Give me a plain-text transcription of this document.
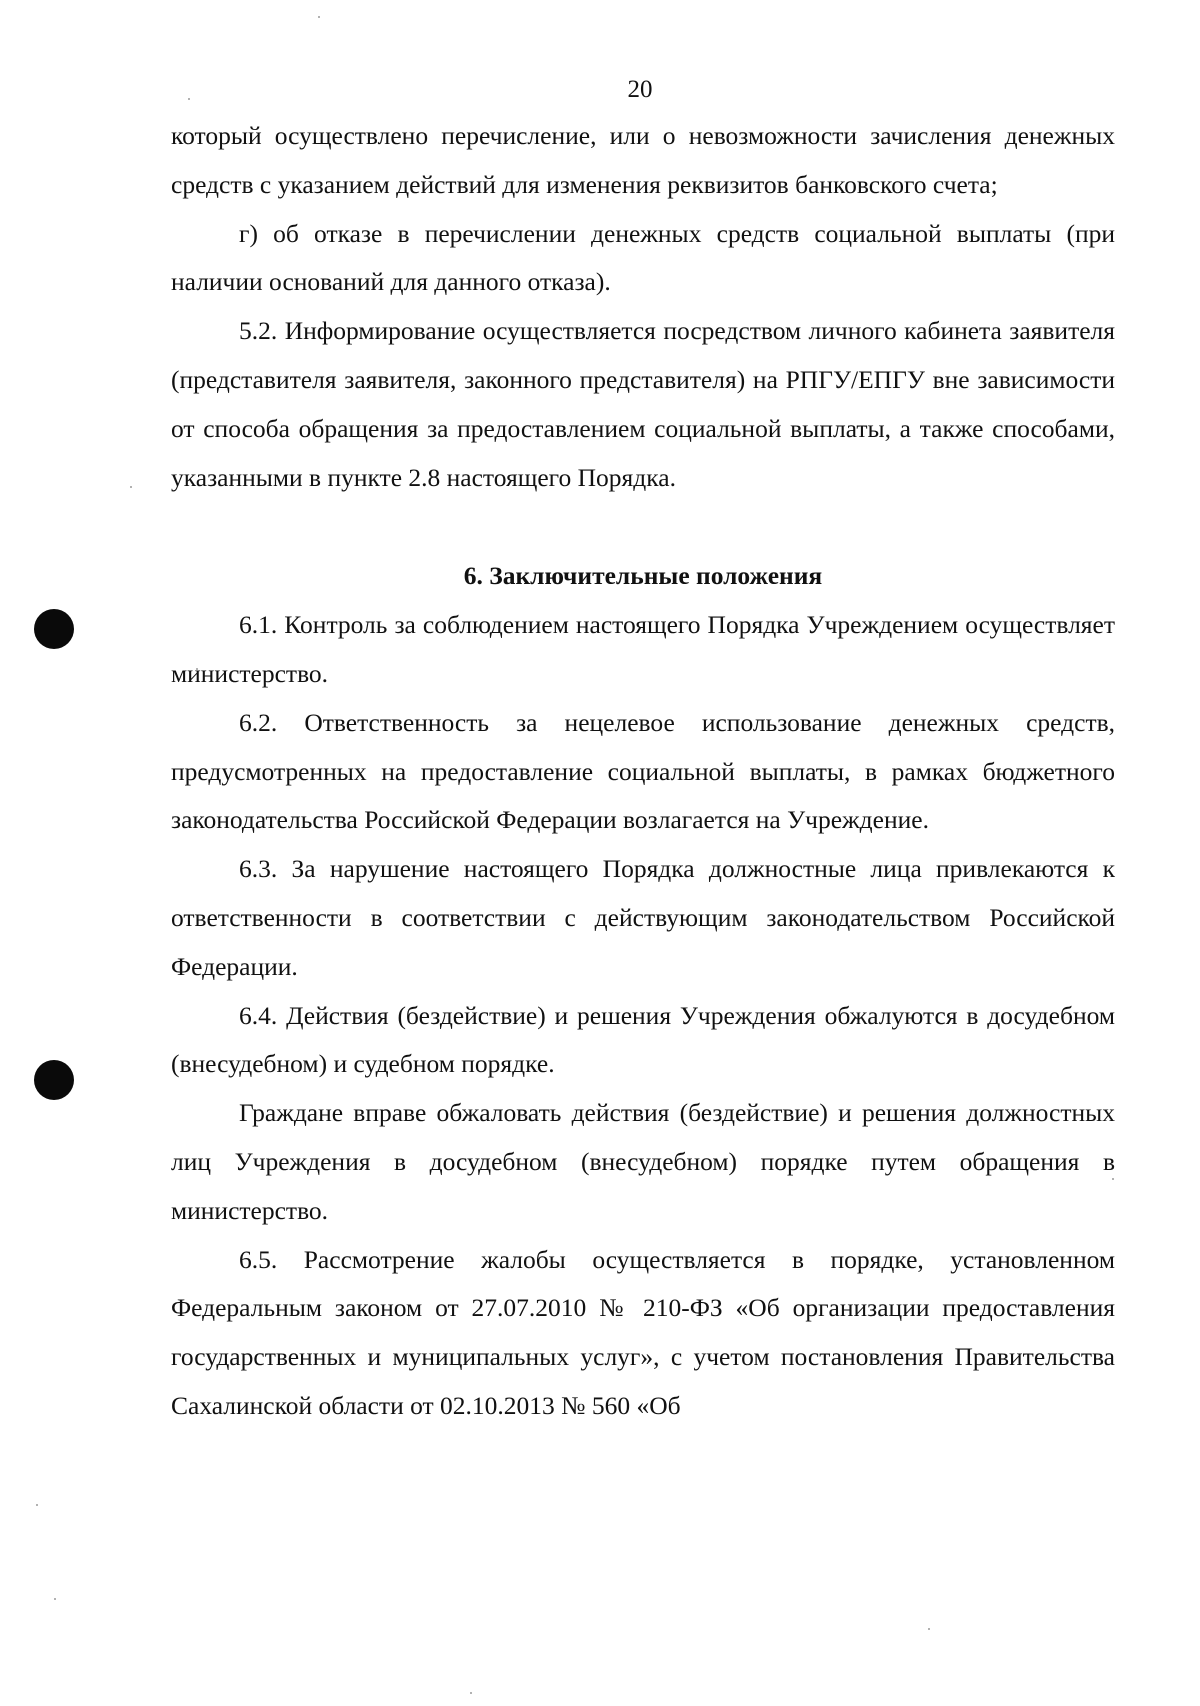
20

который осуществлено перечисление, или о невозможности зачисления денежных средств с указанием действий для изменения реквизитов банковского счета;

г) об отказе в перечислении денежных средств социальной выплаты (при наличии оснований для данного отказа).

5.2. Информирование осуществляется посредством личного кабинета заявителя (представителя заявителя, законного представителя) на РПГУ/ЕПГУ вне зависимости от способа обращения за предоставлением социальной выплаты, а также способами, указанными в пункте 2.8 настоящего Порядка.

6. Заключительные положения

6.1. Контроль за соблюдением настоящего Порядка Учреждением осуществляет министерство.

6.2. Ответственность за нецелевое использование денежных средств, предусмотренных на предоставление социальной выплаты, в рамках бюджетного законодательства Российской Федерации возлагается на Учреждение.

6.3. За нарушение настоящего Порядка должностные лица привлекаются к ответственности в соответствии с действующим законодательством Российской Федерации.

6.4. Действия (бездействие) и решения Учреждения обжалуются в досудебном (внесудебном) и судебном порядке.

Граждане вправе обжаловать действия (бездействие) и решения должностных лиц Учреждения в досудебном (внесудебном) порядке путем обращения в министерство.

6.5. Рассмотрение жалобы осуществляется в порядке, установленном Федеральным законом от 27.07.2010 № 210-ФЗ «Об организации предоставления государственных и муниципальных услуг», с учетом постановления Правительства Сахалинской области от 02.10.2013 № 560 «Об
